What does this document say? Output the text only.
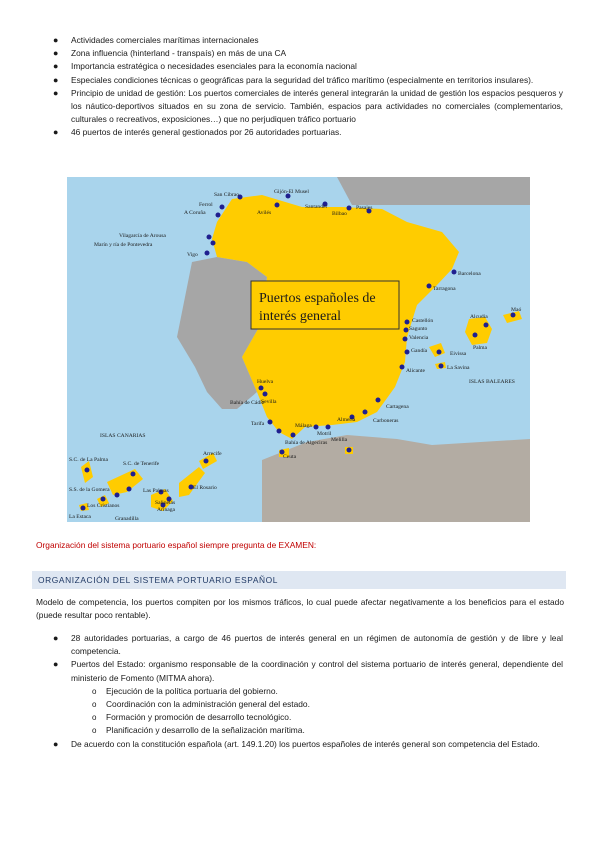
● Actividades comerciales marítimas internacionales
● Zona influencia (hinterland - transpaís) en más de una CA
● Importancia estratégica o necesidades esenciales para la economía nacional
● Especiales condiciones técnicas o geográficas para la seguridad del tráfico marítimo (especialmente en territorios insulares).
● Principio de unidad de gestión: Los puertos comerciales de interés general integrarán la unidad de gestión los espacios pesqueros y los náutico-deportivos situados en su zona de servicio. También, espacios para actividades no comerciales (complementarios, culturales o recreativos, exposiciones…) que no perjudiquen tráfico portuario
● 46 puertos de interés general gestionados por 26 autoridades portuarias.
Puertos españoles de
interés general
San Cibrao
Ferrol
A Coruña
Gijón-El Musel
Avilés
Santander
Bilbao
Pasajes
Vilagarcía de Arousa
Marín y ría de Pontevedra
Vigo
Barcelona
Tarragona
Castellón
Sagunto
Valencia
Gandía
Alicante
Cartagena
Carboneras
Almería
Motril
Málaga
Bahía de Algeciras
Tarifa
Ceuta
Melilla
Bahía de Cádiz
Sevilla
Huelva
Alcudia
Maó
Palma
Eivissa
La Savina
ISLAS BALEARES
ISLAS CANARIAS
S.C. de La Palma
S.C. de Tenerife
S.S. de la Gomera
Los Cristianos
La Estaca
Las Palmas
Salinetas
Arinaga
Granadilla
Arrecife
El Rosario
Organización del sistema portuario español siempre pregunta de EXAMEN:
ORGANIZACIÓN DEL SISTEMA PORTUARIO ESPAÑOL
Modelo de competencia, los puertos compiten por los mismos tráficos, lo cual puede afectar negativamente a los beneficios para el estado (puede resultar poco rentable).
● 28 autoridades portuarias, a cargo de 46 puertos de interés general en un régimen de autonomía de gestión y de libre y leal competencia.
● Puertos del Estado: organismo responsable de la coordinación y control del sistema portuario de interés general, dependiente del ministerio de Fomento (MITMA ahora).
o Ejecución de la política portuaria del gobierno.
o Coordinación con la administración general del estado.
o Formación y promoción de desarrollo tecnológico.
o Planificación y desarrollo de la señalización marítima.
● De acuerdo con la constitución española (art. 149.1.20) los puertos españoles de interés general son competencia del Estado.
